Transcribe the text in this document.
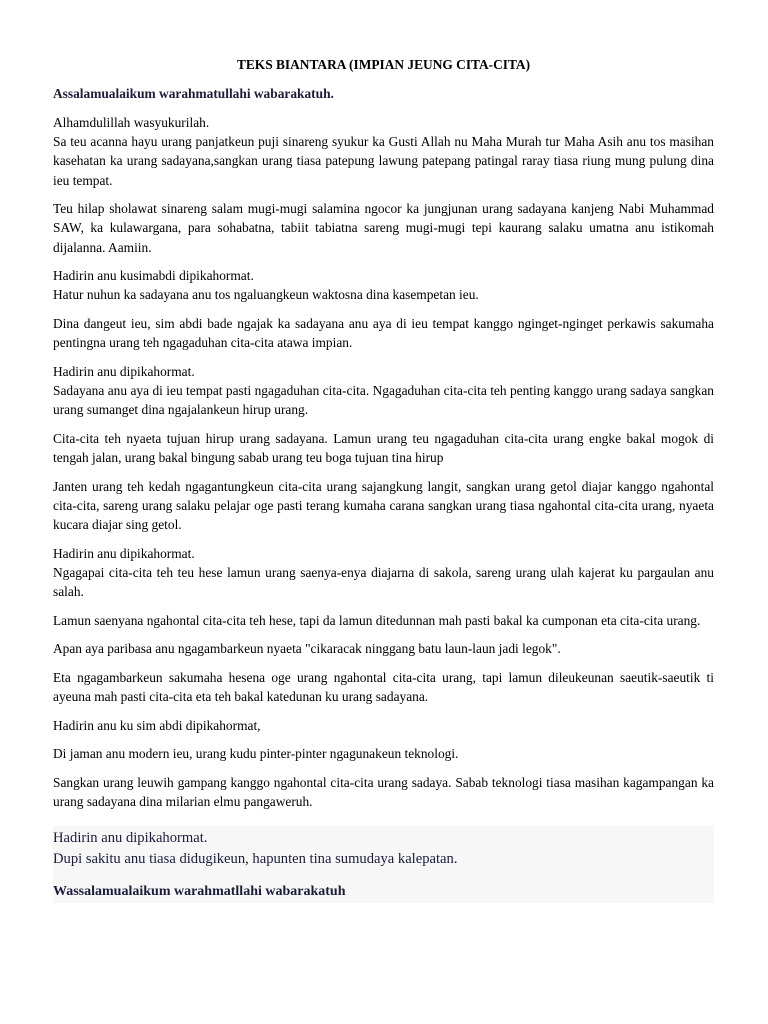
TEKS BIANTARA (IMPIAN JEUNG CITA-CITA)
Assalamualaikum warahmatullahi wabarakatuh.
Alhamdulillah wasyukurilah.
Sa teu acanna hayu urang panjatkeun puji sinareng syukur ka Gusti Allah nu Maha Murah tur Maha Asih anu tos masihan kasehatan ka urang sadayana,sangkan urang tiasa patepung lawung patepang patingal raray tiasa riung mung pulung dina ieu tempat.
Teu hilap sholawat sinareng salam mugi-mugi salamina ngocor ka jungjunan urang sadayana kanjeng Nabi Muhammad SAW, ka kulawargana, para sohabatna, tabiit tabiatna sareng mugi-mugi tepi kaurang salaku umatna anu istikomah dijalanna. Aamiin.
Hadirin anu kusimabdi dipikahormat.
Hatur nuhun ka sadayana anu tos ngaluangkeun waktosna dina kasempetan ieu.
Dina dangeut ieu, sim abdi bade ngajak ka sadayana anu aya di ieu tempat kanggo nginget-nginget perkawis sakumaha pentingna urang teh ngagaduhan cita-cita atawa impian.
Hadirin anu dipikahormat.
Sadayana anu aya di ieu tempat pasti ngagaduhan cita-cita. Ngagaduhan cita-cita teh penting kanggo urang sadaya sangkan urang sumanget dina ngajalankeun hirup urang.
Cita-cita teh nyaeta tujuan hirup urang sadayana. Lamun urang teu ngagaduhan cita-cita urang engke bakal mogok di tengah jalan, urang bakal bingung sabab urang teu boga tujuan tina hirup
Janten urang teh kedah ngagantungkeun cita-cita urang sajangkung langit, sangkan urang getol diajar kanggo ngahontal cita-cita, sareng urang salaku pelajar oge pasti terang kumaha carana sangkan urang tiasa ngahontal cita-cita urang, nyaeta kucara diajar sing getol.
Hadirin anu dipikahormat.
Ngagapai cita-cita teh teu hese lamun urang saenya-enya diajarna di sakola, sareng urang ulah kajerat ku pargaulan anu salah.
Lamun saenyana ngahontal cita-cita teh hese, tapi da lamun ditedunnan mah pasti bakal ka cumponan eta cita-cita urang.
Apan aya paribasa anu ngagambarkeun nyaeta "cikaracak ninggang batu laun-laun jadi legok".
Eta ngagambarkeun sakumaha hesena oge urang ngahontal cita-cita urang, tapi lamun dileukeunan saeutik-saeutik ti ayeuna mah pasti cita-cita eta teh bakal katedunan ku urang sadayana.
Hadirin anu ku sim abdi dipikahormat,
Di jaman anu modern ieu, urang kudu pinter-pinter ngagunakeun teknologi.
Sangkan urang leuwih gampang kanggo ngahontal cita-cita urang sadaya. Sabab teknologi tiasa masihan kagampangan ka urang sadayana dina milarian elmu pangaweruh.
Hadirin anu dipikahormat.
Dupi sakitu anu tiasa didugikeun, hapunten tina sumudaya kalepatan.
Wassalamualaikum warahmatllahi wabarakatuh
